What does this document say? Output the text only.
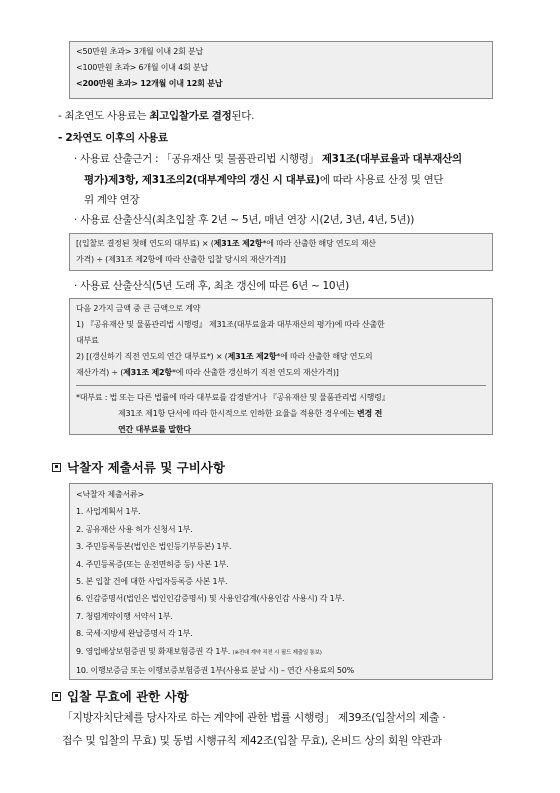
<50만원 초과> 3개월 이내 2회 분납
<100만원 초과> 6개월 이내 4회 분납
<200만원 초과> 12개월 이내 12회 분납
- 최초연도 사용료는 최고입찰가로 결정된다.
- 2차연도 이후의 사용료
· 사용료 산출근거 : 「공유재산 및 물품관리법 시행령」 제31조(대부료율과 대부재산의
평가)제3항, 제31조의2(대부계약의 갱신 시 대부료)에 따라 사용료 산정 및 연단
위 계약 연장
· 사용료 산출산식(최초입찰 후 2년 ~ 5년, 매년 연장 시(2년, 3년, 4년, 5년))
[(입찰로 결정된 첫해 연도의 대부료) × (제31조 제2항*에 따라 산출한 해당 연도의 재산
가격) ÷ (제31조 제2항에 따라 산출한 입찰 당시의 재산가격)]
· 사용료 산출산식(5년 도래 후, 최초 갱신에 따른 6년 ~ 10년)
다음 2가지 금액 중 큰 금액으로 계약
1) 『공유재산 및 물품관리법 시행령』 제31조(대부료율과 대부재산의 평가)에 따라 산출한
대부료
2) [(갱신하기 직전 연도의 연간 대부료*) × (제31조 제2항*에 따라 산출한 해당 연도의
재산가격) ÷ (제31조 제2항*에 따라 산출한 갱신하기 직전 연도의 재산가격)]
*대부료 : 법 또는 다른 법률에 따라 대부료를 감경받거나 『공유재산 및 물품관리법 시행령』
제31조 제1항 단서에 따라 한시적으로 인하한 요율을 적용한 경우에는 변경 전
연간 대부료를 말한다
낙찰자 제출서류 및 구비사항
<낙찰자 제출서류>
1. 사업계획서 1부.
2. 공유재산 사용 허가 신청서 1부.
3. 주민등록등본(법인은 법인등기부등본) 1부.
4. 주민등록증(또는 운전면허증 등) 사본 1부.
5. 본 입찰 건에 대한 사업자등록증 사본 1부.
6. 인감증명서(법인은 법인인감증명서) 및 사용인감계(사용인감 사용시) 각 1부.
7. 청렴계약이행 서약서 1부.
8. 국세·지방세 완납증명서 각 1부.
9. 영업배상보험증권 및 화재보험증권 각 1부. (※전대 계약 직전 시 필드 제출일 통보)
10. 이행보증금 또는 이행보증보험증권 1부(사용료 분납 시) – 연간 사용료의 50%
입찰 무효에 관한 사항
「지방자치단체를 당사자로 하는 계약에 관한 법률 시행령」 제39조(입찰서의 제출 ·
접수 및 입찰의 무효) 및 동법 시행규칙 제42조(입찰 무효), 온비드 상의 회원 약관과
